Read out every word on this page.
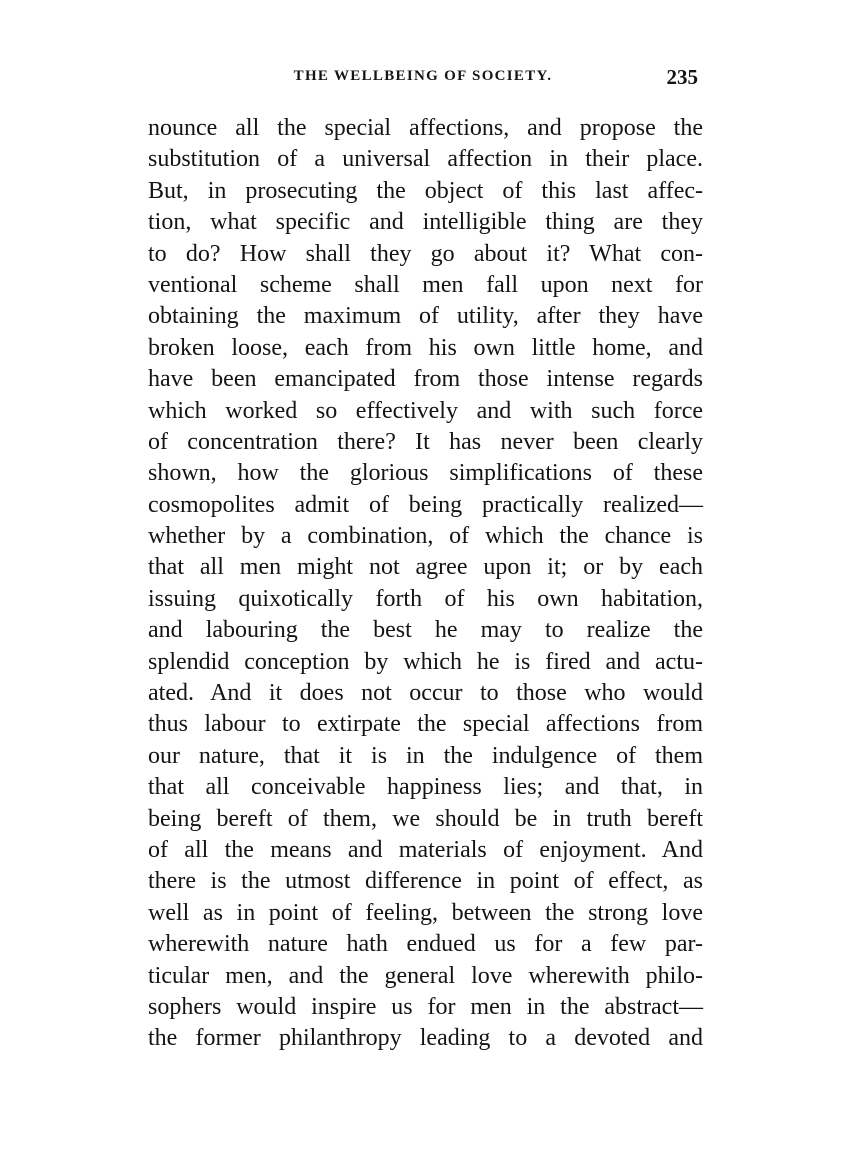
THE WELLBEING OF SOCIETY.	235
nounce all the special affections, and propose the
substitution of a universal affection in their place.
But, in prosecuting the object of this last affec-
tion, what specific and intelligible thing are they
to do? How shall they go about it? What con-
ventional scheme shall men fall upon next for
obtaining the maximum of utility, after they have
broken loose, each from his own little home, and
have been emancipated from those intense regards
which worked so effectively and with such force
of concentration there? It has never been clearly
shown, how the glorious simplifications of these
cosmopolites admit of being practically realized—
whether by a combination, of which the chance is
that all men might not agree upon it; or by each
issuing quixotically forth of his own habitation,
and labouring the best he may to realize the
splendid conception by which he is fired and actu-
ated. And it does not occur to those who would
thus labour to extirpate the special affections from
our nature, that it is in the indulgence of them
that all conceivable happiness lies; and that, in
being bereft of them, we should be in truth bereft
of all the means and materials of enjoyment. And
there is the utmost difference in point of effect, as
well as in point of feeling, between the strong love
wherewith nature hath endued us for a few par-
ticular men, and the general love wherewith philo-
sophers would inspire us for men in the abstract—
the former philanthropy leading to a devoted and
